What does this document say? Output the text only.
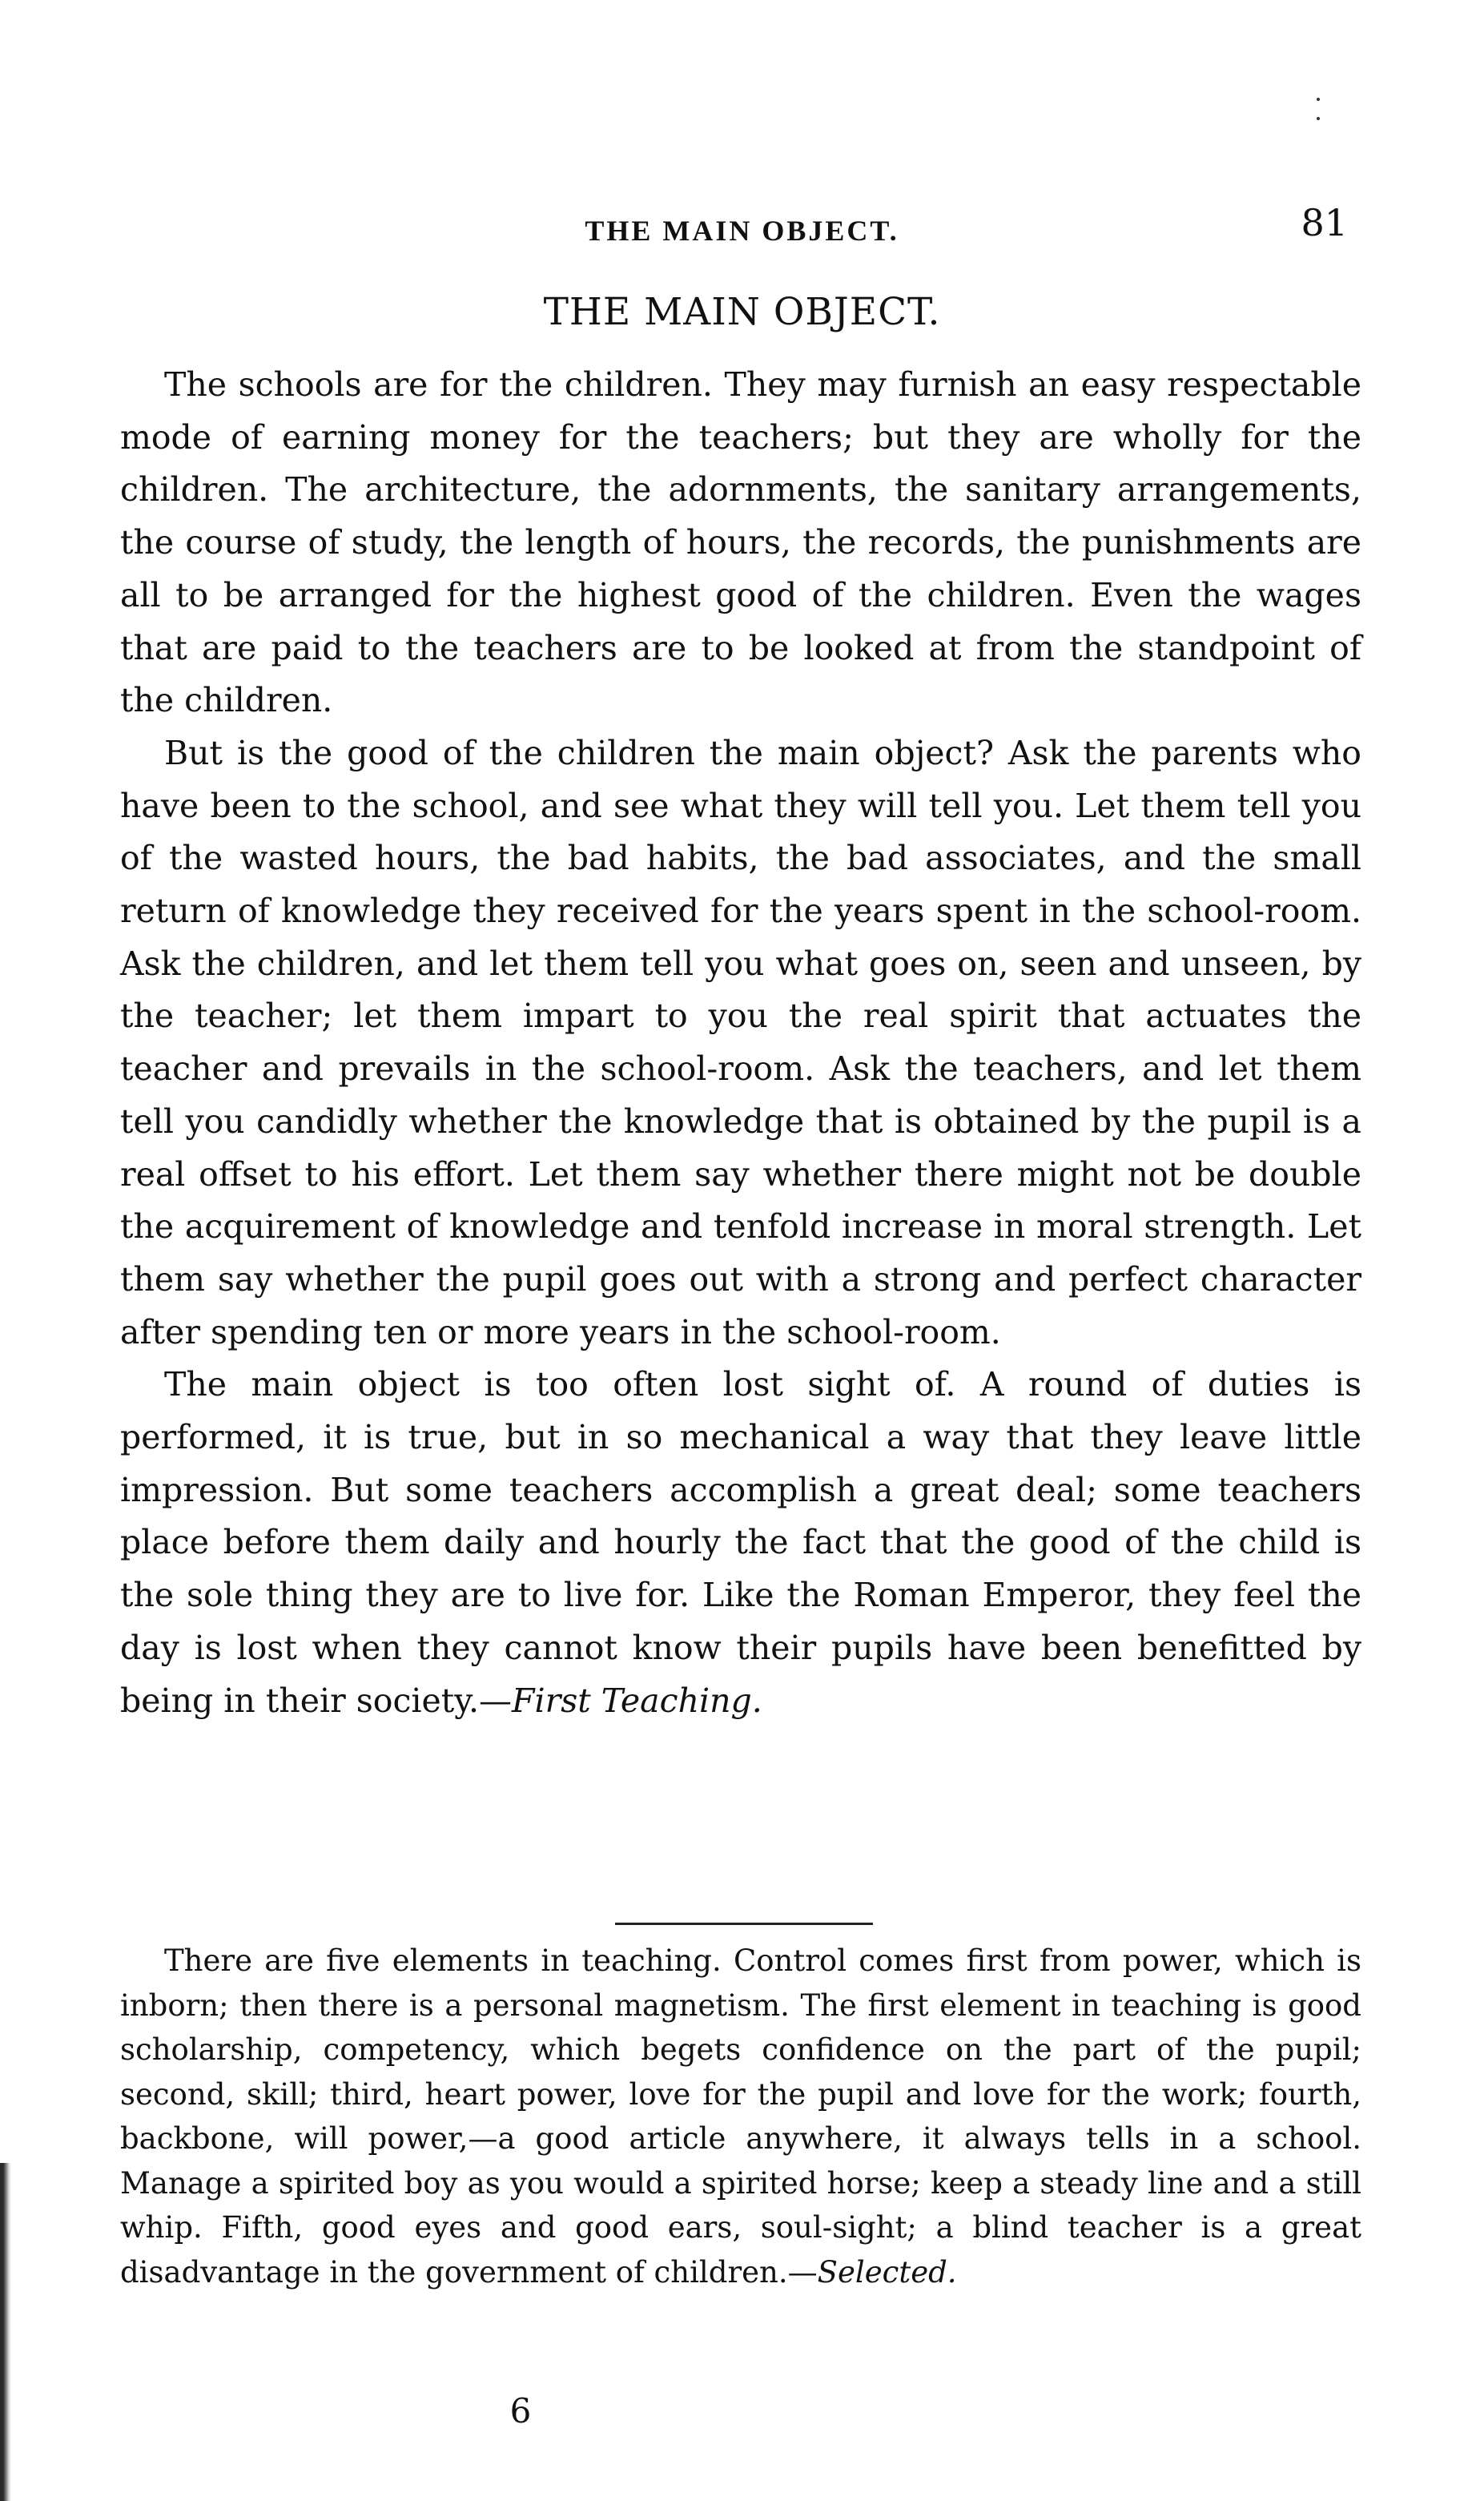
THE MAIN OBJECT.	81
THE MAIN OBJECT.

The schools are for the children. They may furnish an easy respectable mode of earning money for the teachers; but they are wholly for the children. The architecture, the adornments, the sanitary arrangements, the course of study, the length of hours, the records, the punishments are all to be arranged for the highest good of the children. Even the wages that are paid to the teachers are to be looked at from the standpoint of the children.

But is the good of the children the main object? Ask the parents who have been to the school, and see what they will tell you. Let them tell you of the wasted hours, the bad habits, the bad associates, and the small return of knowledge they received for the years spent in the school-room. Ask the children, and let them tell you what goes on, seen and unseen, by the teacher; let them impart to you the real spirit that actuates the teacher and prevails in the school-room. Ask the teachers, and let them tell you candidly whether the knowledge that is obtained by the pupil is a real offset to his effort. Let them say whether there might not be double the acquirement of knowledge and tenfold increase in moral strength. Let them say whether the pupil goes out with a strong and perfect character after spending ten or more years in the school-room.

The main object is too often lost sight of. A round of duties is performed, it is true, but in so mechanical a way that they leave little impression. But some teachers accomplish a great deal; some teachers place before them daily and hourly the fact that the good of the child is the sole thing they are to live for. Like the Roman Emperor, they feel the day is lost when they cannot know their pupils have been benefitted by being in their society.—First Teaching.

There are five elements in teaching. Control comes first from power, which is inborn; then there is a personal magnetism. The first element in teaching is good scholarship, competency, which begets confidence on the part of the pupil; second, skill; third, heart power, love for the pupil and love for the work; fourth, backbone, will power,—a good article anywhere, it always tells in a school. Manage a spirited boy as you would a spirited horse; keep a steady line and a still whip. Fifth, good eyes and good ears, soul-sight; a blind teacher is a great disadvantage in the government of children.—Selected.

6
